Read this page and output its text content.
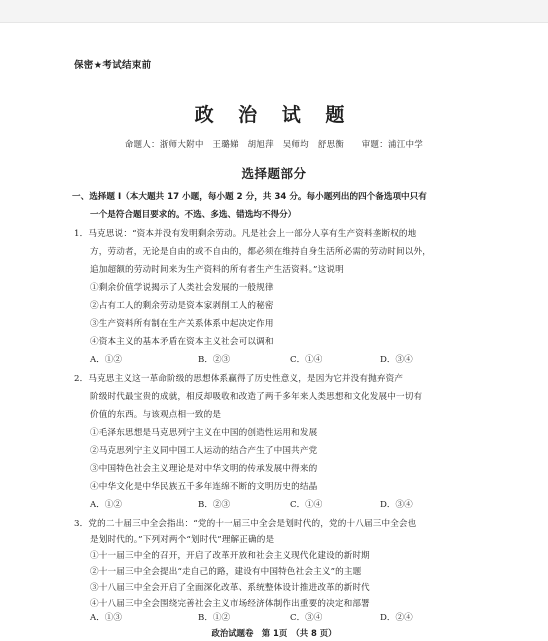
保密★考试结束前
政 治 试 题
命题人：浙师大附中　王璐娣　胡旭萍　吴师均　舒思衡　　审题：浦江中学
选择题部分
一、选择题 I（本大题共 17 小题，每小题 2 分，共 34 分。每小题列出的四个备选项中只有
一个是符合题目要求的。不选、多选、错选均不得分）
1．马克思说：“资本并没有发明剩余劳动。凡是社会上一部分人享有生产资料垄断权的地
方，劳动者，无论是自由的或不自由的，都必须在维持自身生活所必需的劳动时间以外，
追加超额的劳动时间来为生产资料的所有者生产生活资料。”这说明
①剩余价值学说揭示了人类社会发展的一般规律
②占有工人的剩余劳动是资本家剥削工人的秘密
③生产资料所有制在生产关系体系中起决定作用
④资本主义的基本矛盾在资本主义社会可以调和
A．①②	B．②③	C．①④	D．③④
2．马克思主义这一革命阶级的思想体系赢得了历史性意义，是因为它并没有抛弃资产
阶级时代最宝贵的成就，相反却吸收和改造了两千多年来人类思想和文化发展中一切有
价值的东西。与该观点相一致的是
①毛泽东思想是马克思列宁主义在中国的创造性运用和发展
②马克思列宁主义同中国工人运动的结合产生了中国共产党
③中国特色社会主义理论是对中华文明的传承发展中得来的
④中华文化是中华民族五千多年连绵不断的文明历史的结晶
A．①②	B．②③	C．①④	D．③④
3．党的二十届三中全会指出：“党的十一届三中全会是划时代的，党的十八届三中全会也
是划时代的。”下列对两个“划时代”理解正确的是
①十一届三中全的召开，开启了改革开放和社会主义现代化建设的新时期
②十一届三中全会提出“走自己的路，建设有中国特色社会主义”的主题
③十八届三中全会开启了全面深化改革、系统整体设计推进改革的新时代
④十八届三中全会围绕完善社会主义市场经济体制作出重要的决定和部署
政治试题卷　第 1页　（共 8 页）
A．①③	B．①②	C．③④	D．②④
